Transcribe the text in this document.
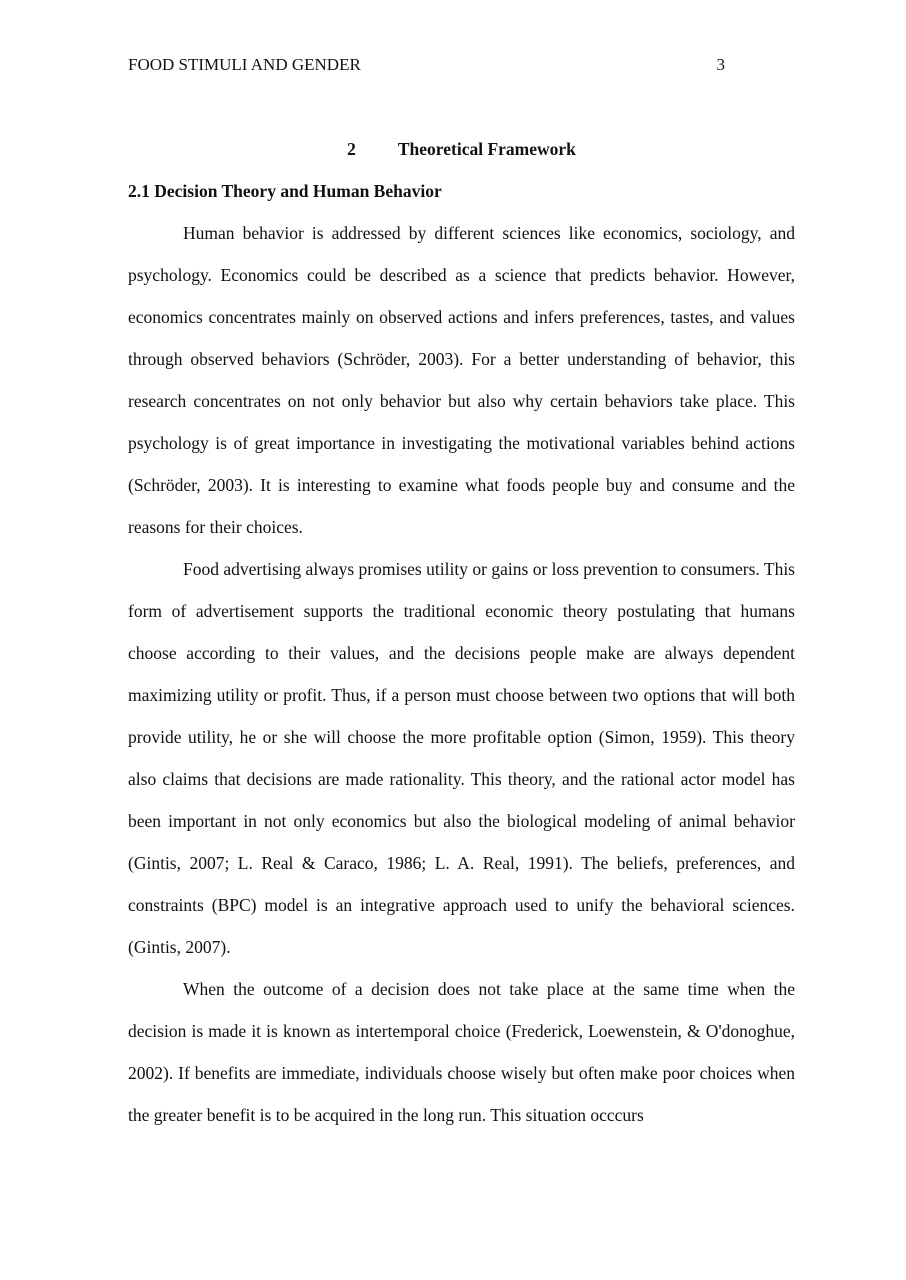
FOOD STIMULI AND GENDER	3
2 Theoretical Framework
2.1 Decision Theory and Human Behavior

Human behavior is addressed by different sciences like economics, sociology, and psychology. Economics could be described as a science that predicts behavior. However, economics concentrates mainly on observed actions and infers preferences, tastes, and values through observed behaviors (Schröder, 2003). For a better understanding of behavior, this research concentrates on not only behavior but also why certain behaviors take place. This psychology is of great importance in investigating the motivational variables behind actions (Schröder, 2003). It is interesting to examine what foods people buy and consume and the reasons for their choices.

Food advertising always promises utility or gains or loss prevention to consumers. This form of advertisement supports the traditional economic theory postulating that humans choose according to their values, and the decisions people make are always dependent maximizing utility or profit. Thus, if a person must choose between two options that will both provide utility, he or she will choose the more profitable option (Simon, 1959). This theory also claims that decisions are made rationality. This theory, and the rational actor model has been important in not only economics but also the biological modeling of animal behavior (Gintis, 2007; L. Real & Caraco, 1986; L. A. Real, 1991). The beliefs, preferences, and constraints (BPC) model is an integrative approach used to unify the behavioral sciences. (Gintis, 2007).

When the outcome of a decision does not take place at the same time when the decision is made it is known as intertemporal choice (Frederick, Loewenstein, & O'donoghue, 2002). If benefits are immediate, individuals choose wisely but often make poor choices when the greater benefit is to be acquired in the long run. This situation occcurs
